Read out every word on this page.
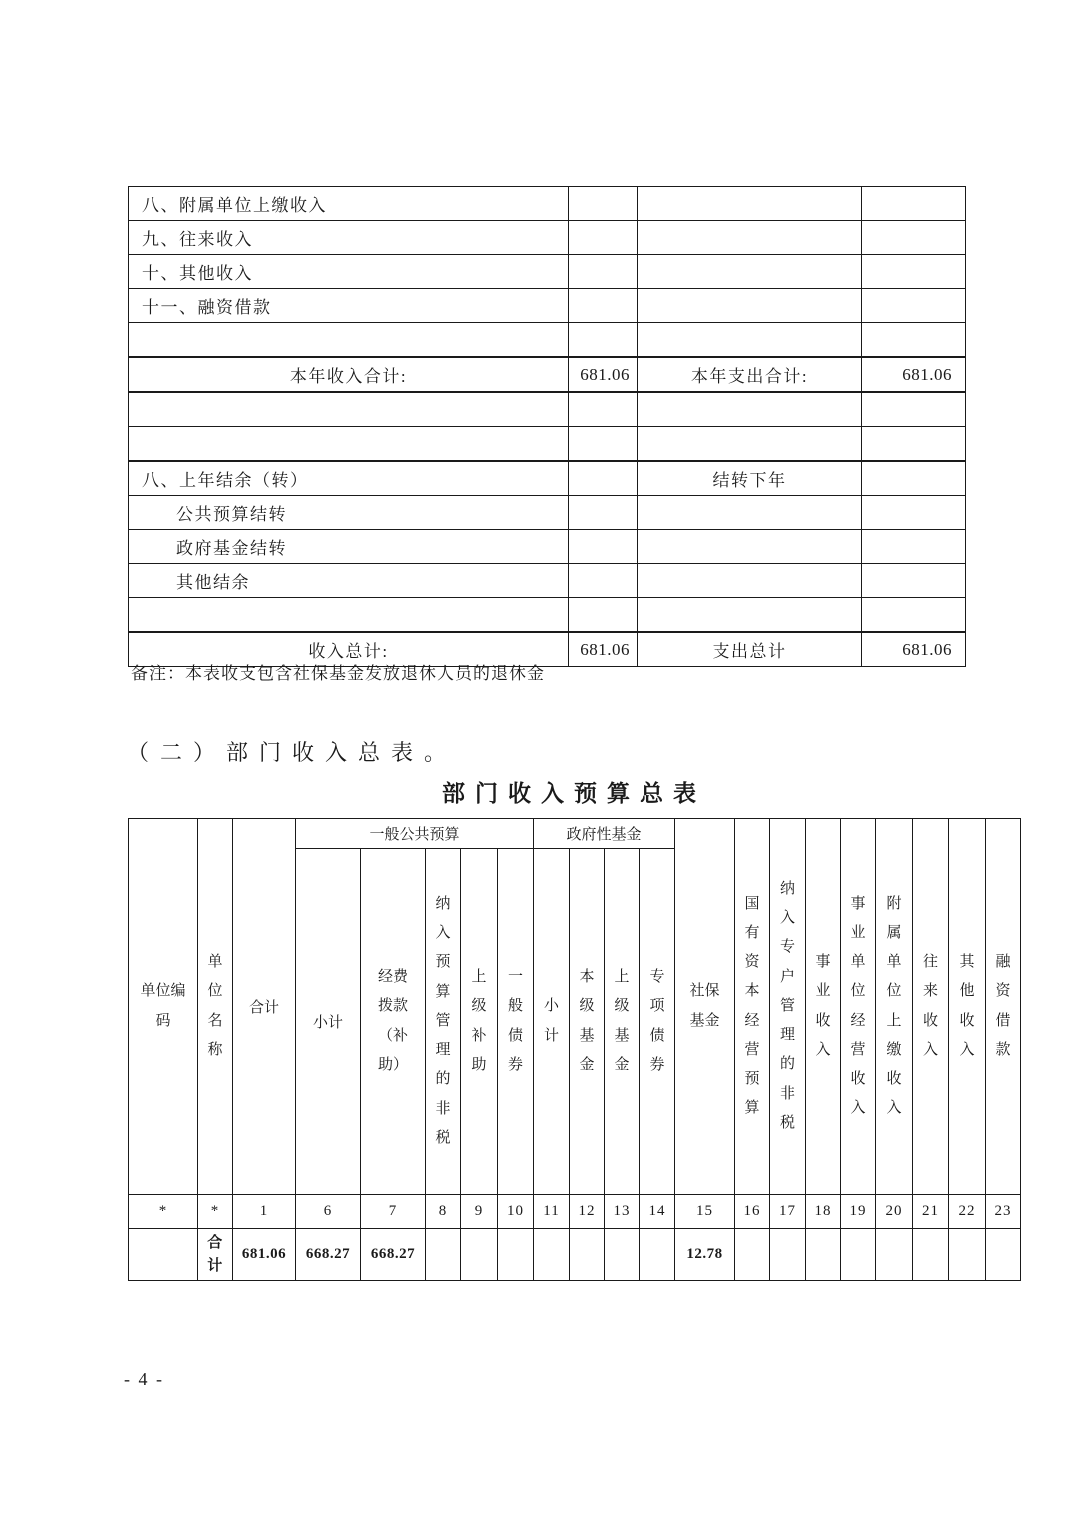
八、附属单位上缴收入			
九、往来收入			
十、其他收入			
十一、融资借款			

本年收入合计:	681.06	本年支出合计:	681.06

八、上年结余（转）		结转下年	
公共预算结转			
政府基金结转			
其他结余			

收入总计:	681.06	支出总计	681.06
备注：本表收支包含社保基金发放退休人员的退休金
（二）部门收入总表。
部门收入预算总表
单位编码	单位名称	合计	一般公共预算					政府性基金				社保基金	国有资本经营预算	纳入专户管理的非税	事业收入	事业单位经营收入	附属单位上缴收入	往来收入	其他收入	融资借款
			小计	经费拨款（补助）	纳入预算管理的非税	上级补助	一般债券	小计	本级基金	上级基金	专项债券									
*	*	1	6	7	8	9	10	11	12	13	14	15	16	17	18	19	20	21	22	23
	合计	681.06	668.27	668.27								12.78								
- 4 -
